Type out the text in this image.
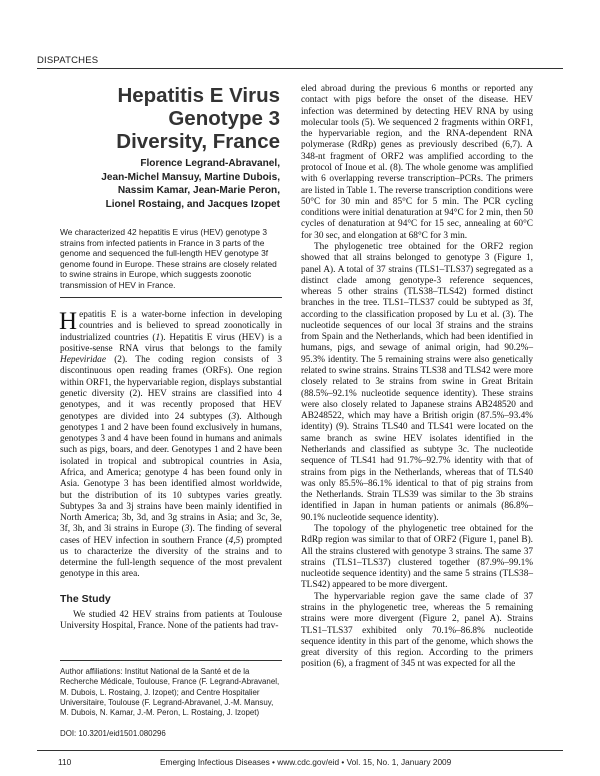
DISPATCHES
Hepatitis E Virus
Genotype 3
Diversity, France
Florence Legrand-Abravanel,
Jean-Michel Mansuy, Martine Dubois,
Nassim Kamar, Jean-Marie Peron,
Lionel Rostaing, and Jacques Izopet
We characterized 42 hepatitis E virus (HEV) genotype 3 strains from infected patients in France in 3 parts of the genome and sequenced the full-length HEV genotype 3f genome found in Europe. These strains are closely related to swine strains in Europe, which suggests zoonotic transmission of HEV in France.

Hepatitis E is a water-borne infection in developing countries and is believed to spread zoonotically in industrialized countries (1). Hepatitis E virus (HEV) is a positive-sense RNA virus that belongs to the family Hepeviridae (2). The coding region consists of 3 discontinuous open reading frames (ORFs). One region within ORF1, the hypervariable region, displays substantial genetic diversity (2). HEV strains are classified into 4 genotypes, and it was recently proposed that HEV genotypes are divided into 24 subtypes (3). Although genotypes 1 and 2 have been found exclusively in humans, genotypes 3 and 4 have been found in humans and animals such as pigs, boars, and deer. Genotypes 1 and 2 have been isolated in tropical and subtropical countries in Asia, Africa, and America; genotype 4 has been found only in Asia. Genotype 3 has been identified almost worldwide, but the distribution of its 10 subtypes varies greatly. Subtypes 3a and 3j strains have been mainly identified in North America; 3b, 3d, and 3g strains in Asia; and 3c, 3e, 3f, 3h, and 3i strains in Europe (3). The finding of several cases of HEV infection in southern France (4,5) prompted us to characterize the diversity of the strains and to determine the full-length sequence of the most prevalent genotype in this area.

The Study

We studied 42 HEV strains from patients at Toulouse University Hospital, France. None of the patients had trav-

Author affiliations: Institut National de la Santé et de la Recherche Médicale, Toulouse, France (F. Legrand-Abravanel, M. Dubois, L. Rostaing, J. Izopet); and Centre Hospitalier Universitaire, Toulouse (F. Legrand-Abravanel, J.-M. Mansuy, M. Dubois, N. Kamar, J.-M. Peron, L. Rostaing, J. Izopet)
DOI: 10.3201/eid1501.080296

eled abroad during the previous 6 months or reported any contact with pigs before the onset of the disease. HEV infection was determined by detecting HEV RNA by using molecular tools (5). We sequenced 2 fragments within ORF1, the hypervariable region, and the RNA-dependent RNA polymerase (RdRp) genes as previously described (6,7). A 348-nt fragment of ORF2 was amplified according to the protocol of Inoue et al. (8). The whole genome was amplified with 6 overlapping reverse transcription–PCRs. The primers are listed in Table 1. The reverse transcription conditions were 50°C for 30 min and 85°C for 5 min. The PCR cycling conditions were initial denaturation at 94°C for 2 min, then 50 cycles of denaturation at 94°C for 15 sec, annealing at 60°C for 30 sec, and elongation at 68°C for 3 min.

The phylogenetic tree obtained for the ORF2 region showed that all strains belonged to genotype 3 (Figure 1, panel A). A total of 37 strains (TLS1–TLS37) segregated as a distinct clade among genotype-3 reference sequences, whereas 5 other strains (TLS38–TLS42) formed distinct branches in the tree. TLS1–TLS37 could be subtyped as 3f, according to the classification proposed by Lu et al. (3). The nucleotide sequences of our local 3f strains and the strains from Spain and the Netherlands, which had been identified in humans, pigs, and sewage of animal origin, had 90.2%–95.3% identity. The 5 remaining strains were also genetically related to swine strains. Strains TLS38 and TLS42 were more closely related to 3e strains from swine in Great Britain (88.5%–92.1% nucleotide sequence identity). These strains were also closely related to Japanese strains AB248520 and AB248522, which may have a British origin (87.5%–93.4% identity) (9). Strains TLS40 and TLS41 were located on the same branch as swine HEV isolates identified in the Netherlands and classified as subtype 3c. The nucleotide sequence of TLS41 had 91.7%–92.7% identity with that of strains from pigs in the Netherlands, whereas that of TLS40 was only 85.5%–86.1% identical to that of pig strains from the Netherlands. Strain TLS39 was similar to the 3b strains identified in Japan in human patients or animals (86.8%–90.1% nucleotide sequence identity).

The topology of the phylogenetic tree obtained for the RdRp region was similar to that of ORF2 (Figure 1, panel B). All the strains clustered with genotype 3 strains. The same 37 strains (TLS1–TLS37) clustered together (87.9%–99.1% nucleotide sequence identity) and the same 5 strains (TLS38–TLS42) appeared to be more divergent.

The hypervariable region gave the same clade of 37 strains in the phylogenetic tree, whereas the 5 remaining strains were more divergent (Figure 2, panel A). Strains TLS1–TLS37 exhibited only 70.1%–86.8% nucleotide sequence identity in this part of the genome, which shows the great diversity of this region. According to the primers position (6), a fragment of 345 nt was expected for all the

110	Emerging Infectious Diseases • www.cdc.gov/eid • Vol. 15, No. 1, January 2009
